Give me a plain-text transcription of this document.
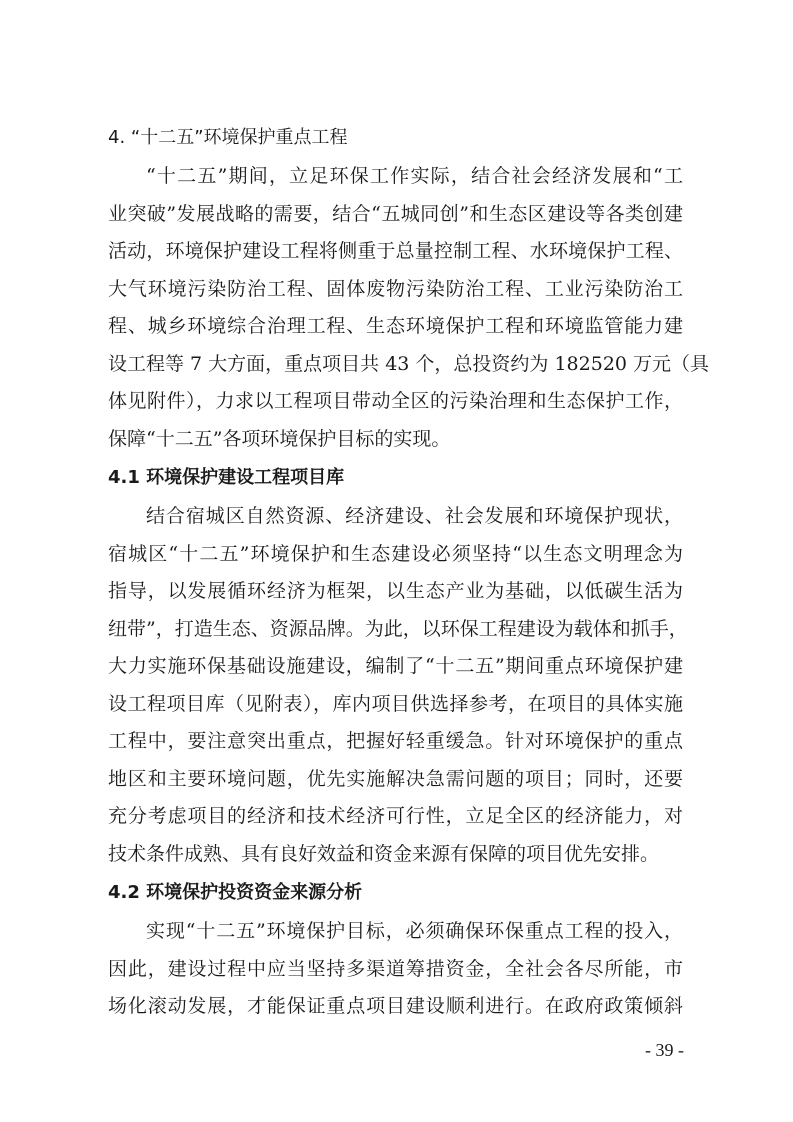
4. “十二五”环境保护重点工程
“十二五”期间，立足环保工作实际，结合社会经济发展和“工
业突破”发展战略的需要，结合“五城同创”和生态区建设等各类创建
活动，环境保护建设工程将侧重于总量控制工程、水环境保护工程、
大气环境污染防治工程、固体废物污染防治工程、工业污染防治工
程、城乡环境综合治理工程、生态环境保护工程和环境监管能力建
设工程等 7 大方面，重点项目共 43 个，总投资约为 182520 万元（具
体见附件），力求以工程项目带动全区的污染治理和生态保护工作，
保障“十二五”各项环境保护目标的实现。
4.1 环境保护建设工程项目库
结合宿城区自然资源、经济建设、社会发展和环境保护现状，
宿城区“十二五”环境保护和生态建设必须坚持“以生态文明理念为
指导，以发展循环经济为框架，以生态产业为基础，以低碳生活为
纽带”，打造生态、资源品牌。为此，以环保工程建设为载体和抓手，
大力实施环保基础设施建设，编制了“十二五”期间重点环境保护建
设工程项目库（见附表），库内项目供选择参考，在项目的具体实施
工程中，要注意突出重点，把握好轻重缓急。针对环境保护的重点
地区和主要环境问题，优先实施解决急需问题的项目；同时，还要
充分考虑项目的经济和技术经济可行性，立足全区的经济能力，对
技术条件成熟、具有良好效益和资金来源有保障的项目优先安排。
4.2 环境保护投资资金来源分析
实现“十二五”环境保护目标，必须确保环保重点工程的投入，
因此，建设过程中应当坚持多渠道筹措资金，全社会各尽所能，市
场化滚动发展，才能保证重点项目建设顺利进行。在政府政策倾斜
- 39 -
